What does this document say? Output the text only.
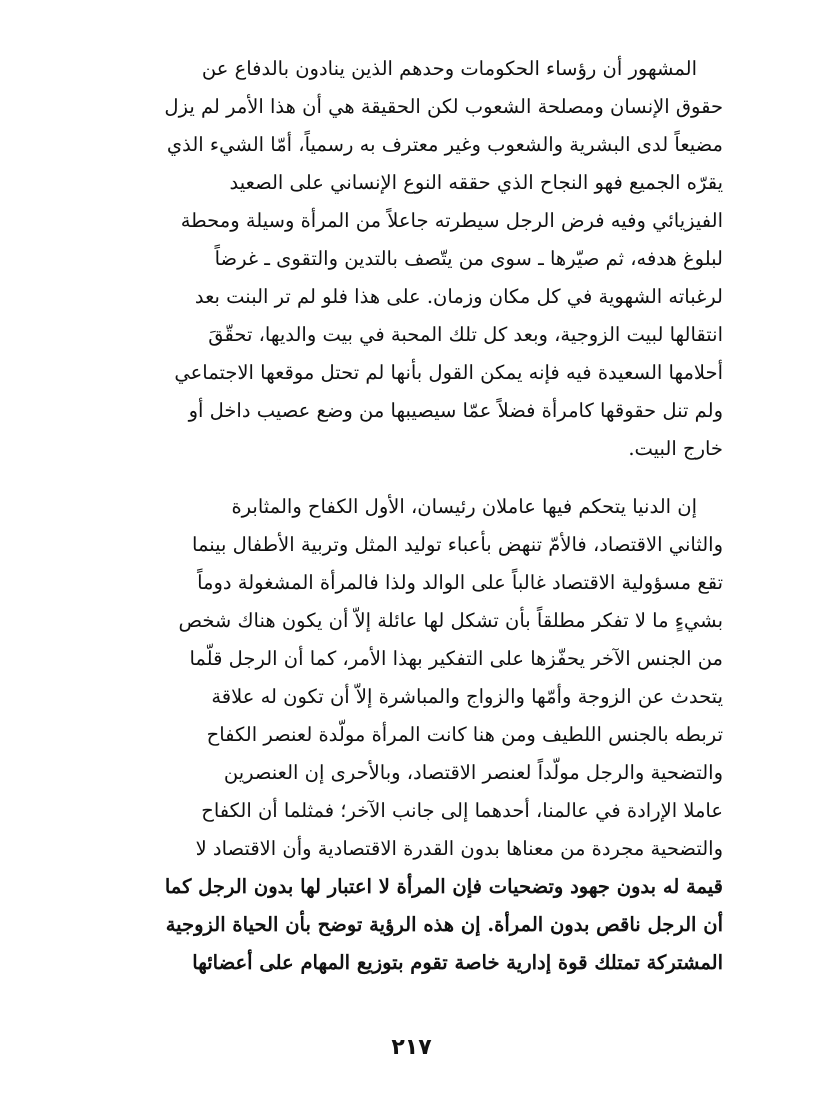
المشهور أن رؤساء الحكومات وحدهم الذين ينادون بالدفاع عن
حقوق الإنسان ومصلحة الشعوب لكن الحقيقة هي أن هذا الأمر لم يزل
مضيعاً لدى البشرية والشعوب وغير معترف به رسمياً، أمّا الشيء الذي
يقرّه الجميع فهو النجاح الذي حققه النوع الإنساني على الصعيد
الفيزيائي وفيه فرض الرجل سيطرته جاعلاً من المرأة وسيلة ومحطة
لبلوغ هدفه، ثم صيّرها ـ سوى من يتّصف بالتدين والتقوى ـ غرضاً
لرغباته الشهوية في كل مكان وزمان. على هذا فلو لم تر البنت بعد
انتقالها لبيت الزوجية، وبعد كل تلك المحبة في بيت والديها، تحقّقَ
أحلامها السعيدة فيه فإنه يمكن القول بأنها لم تحتل موقعها الاجتماعي
ولم تنل حقوقها كامرأة فضلاً عمّا سيصيبها من وضع عصيب داخل أو
خارج البيت.
إن الدنيا يتحكم فيها عاملان رئيسان، الأول الكفاح والمثابرة
والثاني الاقتصاد، فالأمّ تنهض بأعباء توليد المثل وتربية الأطفال بينما
تقع مسؤولية الاقتصاد غالباً على الوالد ولذا فالمرأة المشغولة دوماً
بشيءٍ ما لا تفكر مطلقاً بأن تشكل لها عائلة إلاّ أن يكون هناك شخص
من الجنس الآخر يحفّزها على التفكير بهذا الأمر، كما أن الرجل قلّما
يتحدث عن الزوجة وأمّها والزواج والمباشرة إلاّ أن تكون له علاقة
تربطه بالجنس اللطيف ومن هنا كانت المرأة مولّدة لعنصر الكفاح
والتضحية والرجل مولّداً لعنصر الاقتصاد، وبالأحرى إن العنصرين
عاملا الإرادة في عالمنا، أحدهما إلى جانب الآخر؛ فمثلما أن الكفاح
والتضحية مجردة من معناها بدون القدرة الاقتصادية وأن الاقتصاد لا
قيمة له بدون جهود وتضحيات فإن المرأة لا اعتبار لها بدون الرجل كما
أن الرجل ناقص بدون المرأة. إن هذه الرؤية توضح بأن الحياة الزوجية
المشتركة تمتلك قوة إدارية خاصة تقوم بتوزيع المهام على أعضائها
٢١٧
